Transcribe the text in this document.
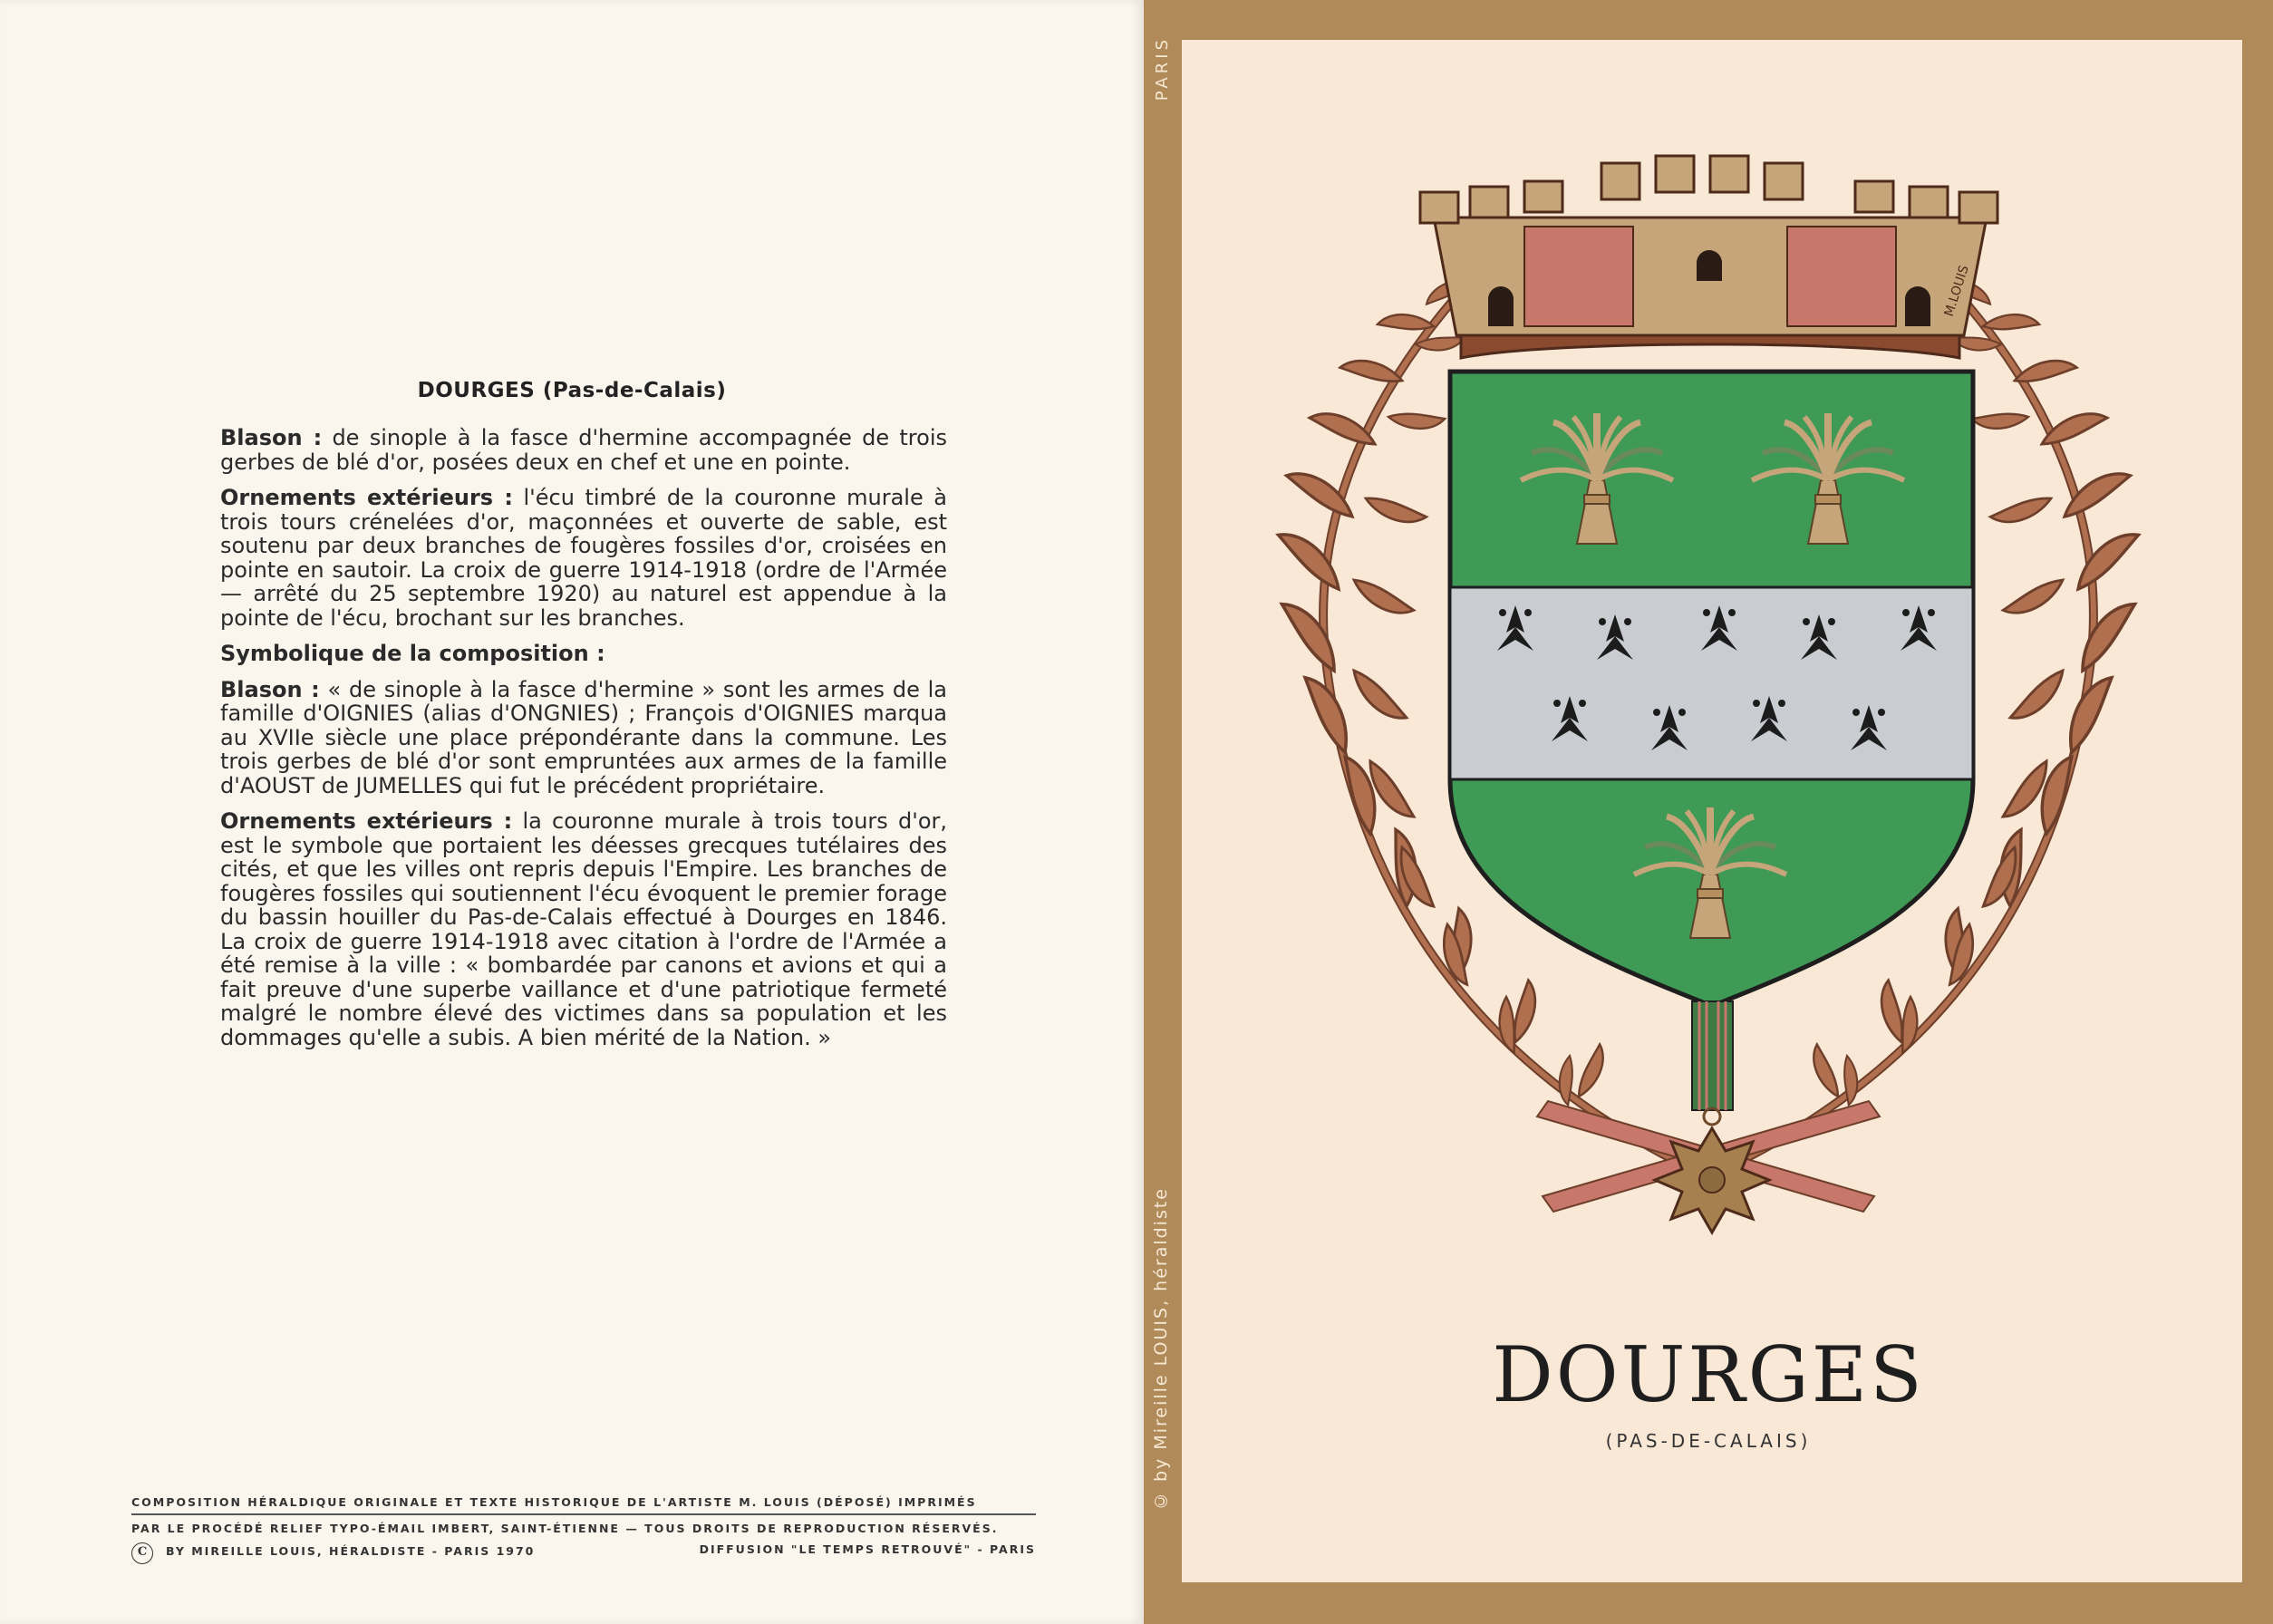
DOURGES (Pas-de-Calais)

Blason : de sinople à la fasce d'hermine accompagnée de trois gerbes de blé d'or, posées deux en chef et une en pointe.

Ornements extérieurs : l'écu timbré de la couronne murale à trois tours crénelées d'or, maçonnées et ouverte de sable, est soutenu par deux branches de fougères fossiles d'or, croisées en pointe en sautoir. La croix de guerre 1914-1918 (ordre de l'Armée — arrêté du 25 septembre 1920) au naturel est appendue à la pointe de l'écu, brochant sur les branches.

Symbolique de la composition :

Blason : « de sinople à la fasce d'hermine » sont les armes de la famille d'OIGNIES (alias d'ONGNIES) ; François d'OIGNIES marqua au XVIIe siècle une place prépondérante dans la commune. Les trois gerbes de blé d'or sont empruntées aux armes de la famille d'AOUST de JUMELLES qui fut le précédent propriétaire.

Ornements extérieurs : la couronne murale à trois tours d'or, est le symbole que portaient les déesses grecques tutélaires des cités, et que les villes ont repris depuis l'Empire. Les branches de fougères fossiles qui soutiennent l'écu évoquent le premier forage du bassin houiller du Pas-de-Calais effectué à Dourges en 1846. La croix de guerre 1914-1918 avec citation à l'ordre de l'Armée a été remise à la ville : « bombardée par canons et avions et qui a fait preuve d'une superbe vaillance et d'une patriotique fermeté malgré le nombre élevé des victimes dans sa population et les dommages qu'elle a subis. A bien mérité de la Nation. »

COMPOSITION HÉRALDIQUE ORIGINALE ET TEXTE HISTORIQUE DE L'ARTISTE M. LOUIS (DÉPOSÉ) IMPRIMÉS
PAR LE PROCÉDÉ RELIEF TYPO-ÉMAIL IMBERT, SAINT-ÉTIENNE — TOUS DROITS DE REPRODUCTION RÉSERVÉS.
C BY MIREILLE LOUIS, HÉRALDISTE - PARIS 1970	DIFFUSION "LE TEMPS RETROUVÉ" - PARIS
PARIS
© by Mireille LOUIS, héraldiste
M.LOUIS
DOURGES
(PAS-DE-CALAIS)
